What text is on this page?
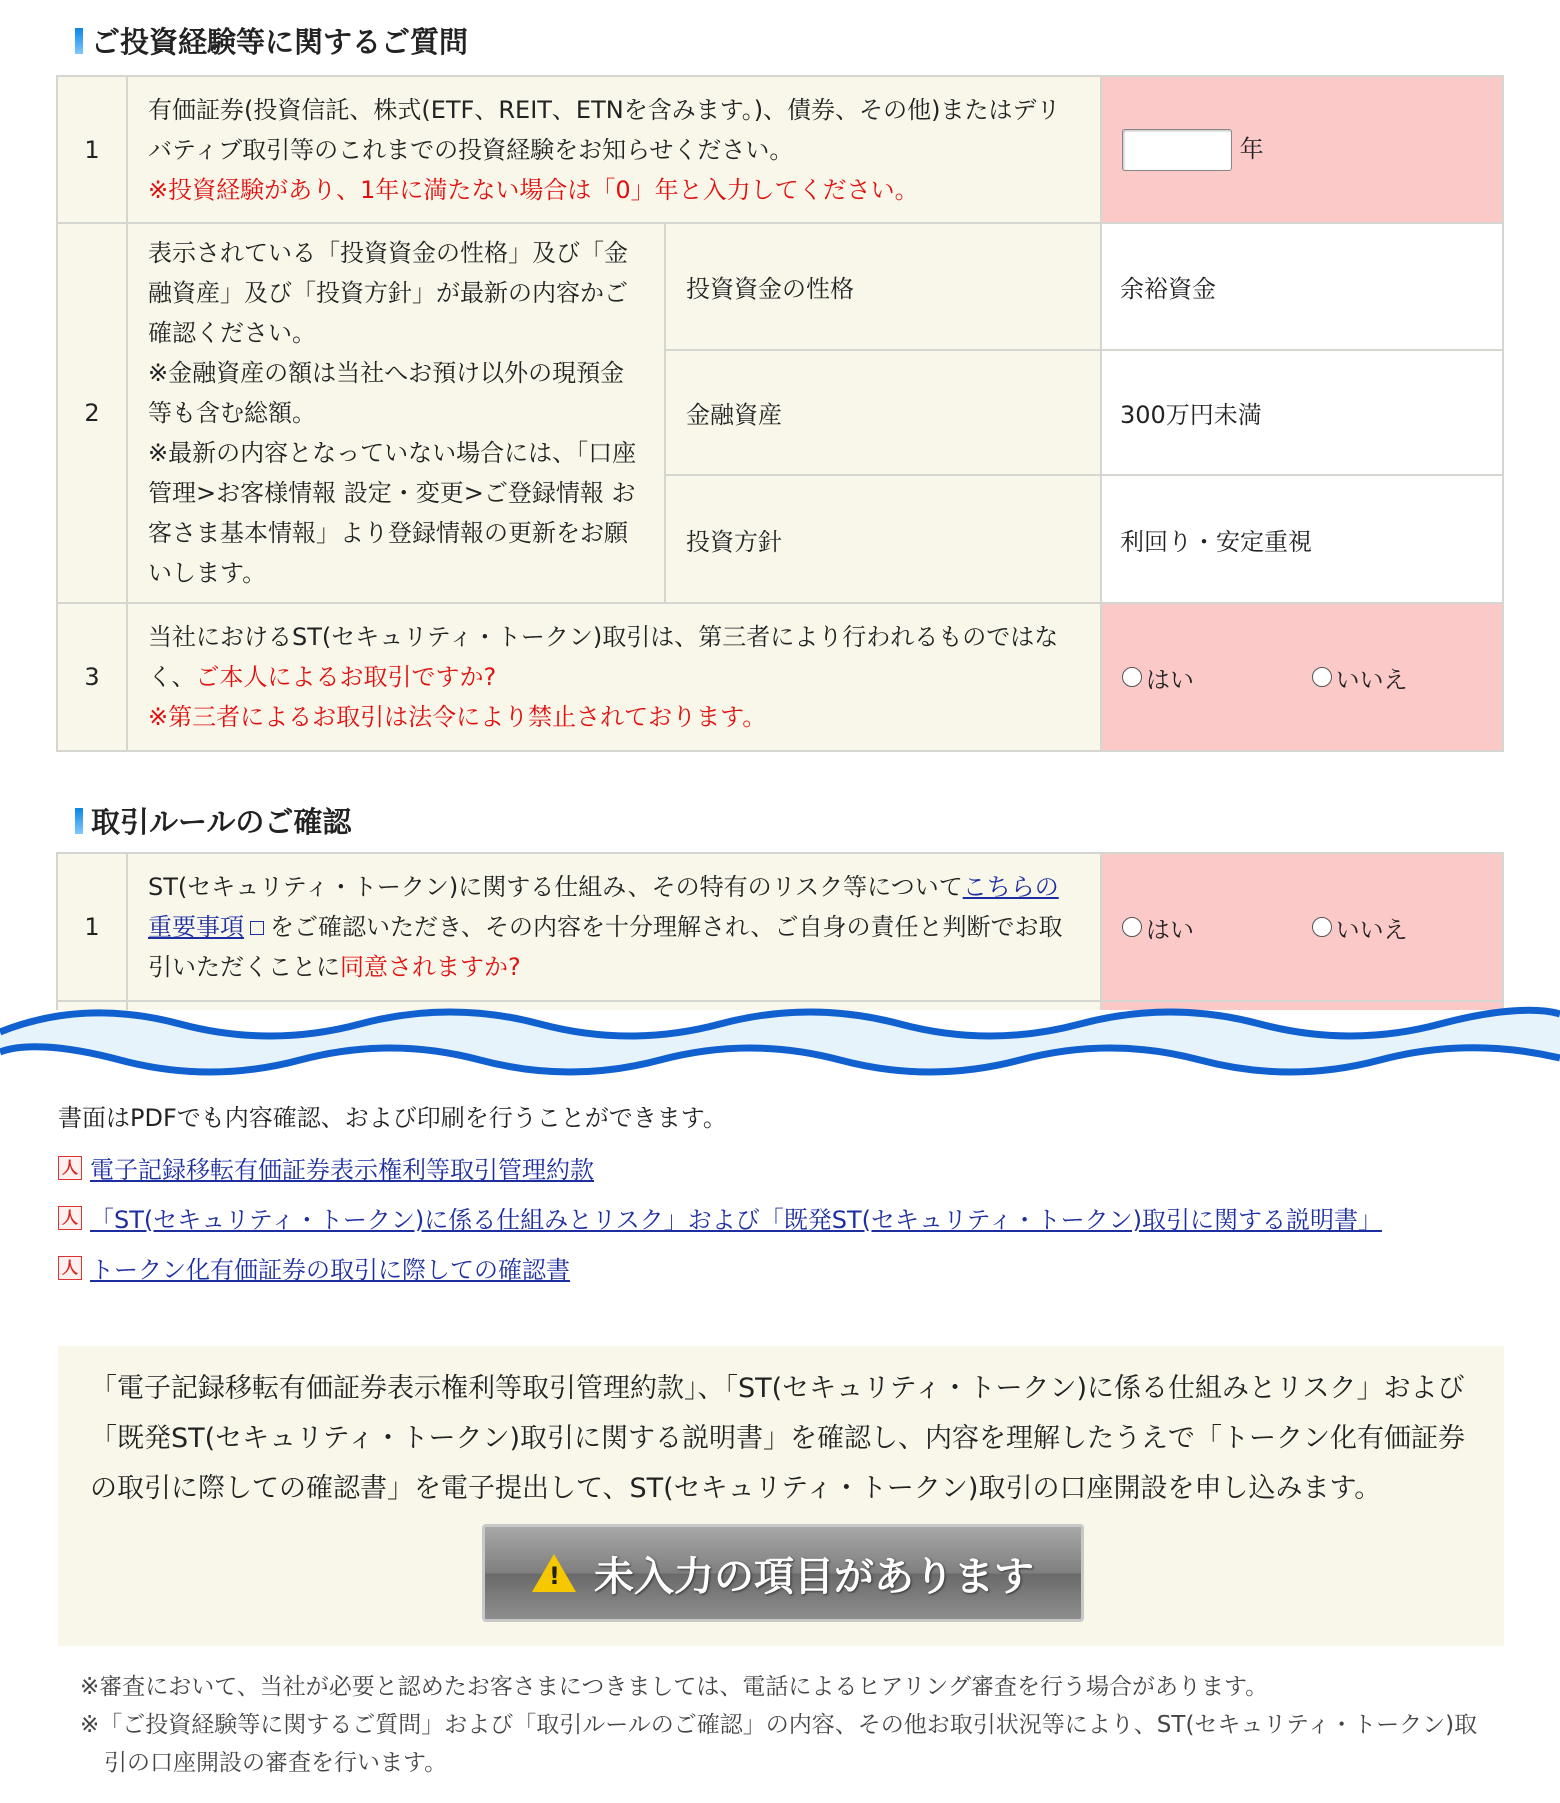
ご投資経験等に関するご質問
1	有価証券(投資信託、株式(ETF、REIT、ETNを含みます。)、債券、その他)またはデリバティブ取引等のこれまでの投資経験をお知らせください。
※投資経験があり、1年に満たない場合は「0」年と入力してください。		年
2	表示されている「投資資金の性格」及び「金融資産」及び「投資方針」が最新の内容かご確認ください。
※金融資産の額は当社へお預け以外の現預金等も含む総額。
※最新の内容となっていない場合には、「口座管理>お客様情報 設定・変更>ご登録情報 お客さま基本情報」より登録情報の更新をお願いします。	投資資金の性格	余裕資金
		金融資産	300万円未満
		投資方針	利回り・安定重視
3	当社におけるST(セキュリティ・トークン)取引は、第三者により行われるものではなく、ご本人によるお取引ですか?
※第三者によるお取引は法令により禁止されております。		はい
いいえ
取引ルールのご確認
1	ST(セキュリティ・トークン)に関する仕組み、その特有のリスク等についてこちらの重要事項 をご確認いただき、その内容を十分理解され、ご自身の責任と判断でお取引いただくことに同意されますか?	はい
いいえ

書面はPDFでも内容確認、および印刷を行うことができます。
人 電子記録移転有価証券表示権利等取引管理約款
人 「ST(セキュリティ・トークン)に係る仕組みとリスク」および「既発ST(セキュリティ・トークン)取引に関する説明書」
人 トークン化有価証券の取引に際しての確認書
「電子記録移転有価証券表示権利等取引管理約款」、「ST(セキュリティ・トークン)に係る仕組みとリスク」および「既発ST(セキュリティ・トークン)取引に関する説明書」を確認し、内容を理解したうえで「トークン化有価証券の取引に際しての確認書」を電子提出して、ST(セキュリティ・トークン)取引の口座開設を申し込みます。
! 未入力の項目があります
※審査において、当社が必要と認めたお客さまにつきましては、電話によるヒアリング審査を行う場合があります。
※「ご投資経験等に関するご質問」および「取引ルールのご確認」の内容、その他お取引状況等により、ST(セキュリティ・トークン)取引の口座開設の審査を行います。
